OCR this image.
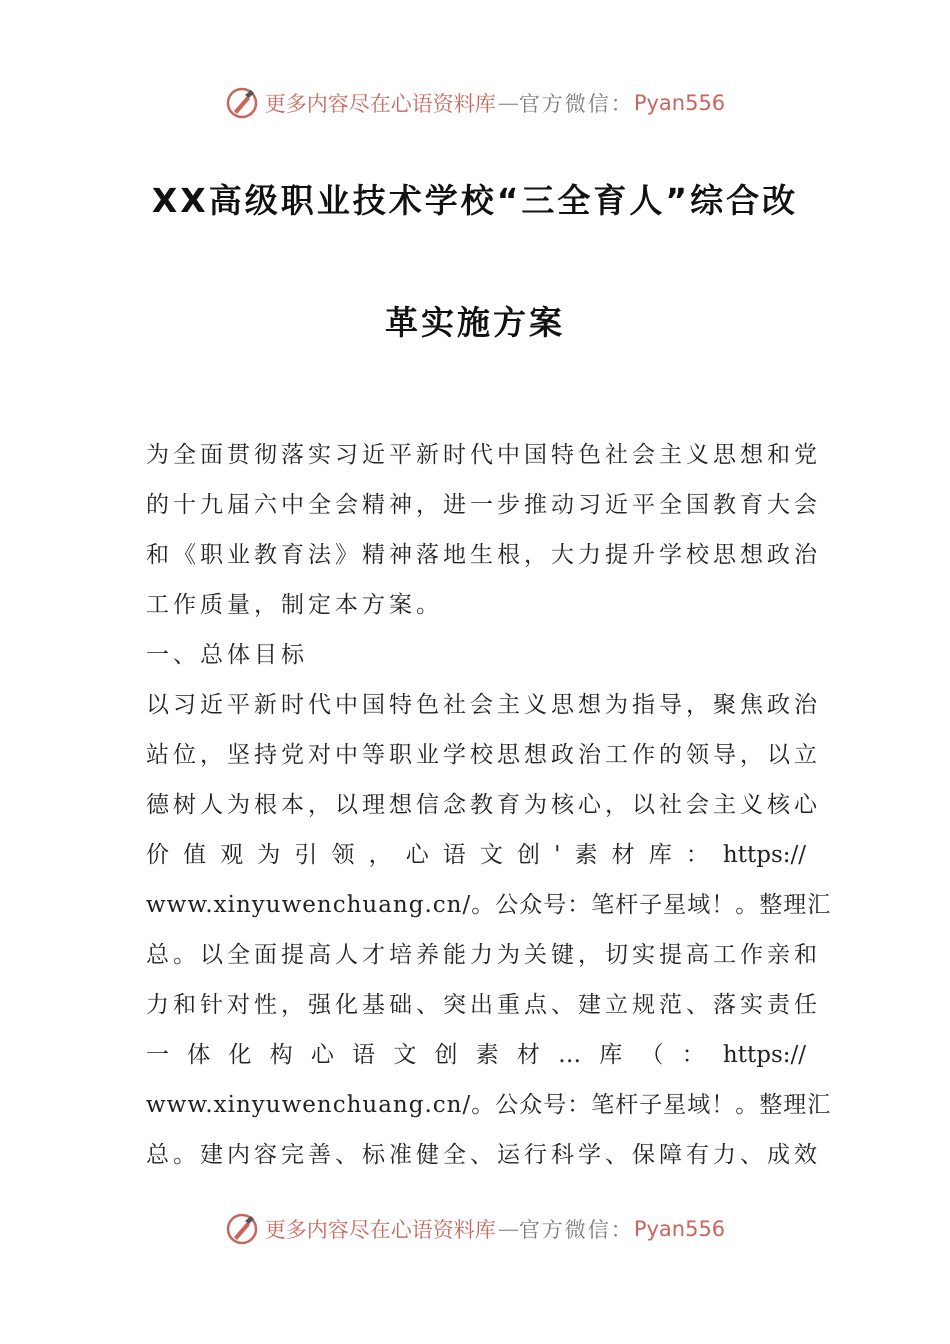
更多内容尽在心语资料库 — 官方微信： Pyan556
XX高级职业技术学校“三全育人”综合改
革实施方案
为全面贯彻落实习近平新时代中国特色社会主义思想和党
的十九届六中全会精神，进一步推动习近平全国教育大会
和《职业教育法》精神落地生根，大力提升学校思想政治
工作质量，制定本方案。
一、总体目标
以习近平新时代中国特色社会主义思想为指导，聚焦政治
站位，坚持党对中等职业学校思想政治工作的领导，以立
德树人为根本，以理想信念教育为核心，以社会主义核心
价值观为引领，心语文创'素材库：https://
www.xinyuwenchuang.cn/。公众号：笔杆子星域！。整理汇
总。以全面提高人才培养能力为关键，切实提高工作亲和
力和针对性，强化基础、突出重点、建立规范、落实责任
一体化构心语文创素材…库（：https://
www.xinyuwenchuang.cn/。公众号：笔杆子星域！。整理汇
总。建内容完善、标准健全、运行科学、保障有力、成效
更多内容尽在心语资料库 — 官方微信： Pyan556
